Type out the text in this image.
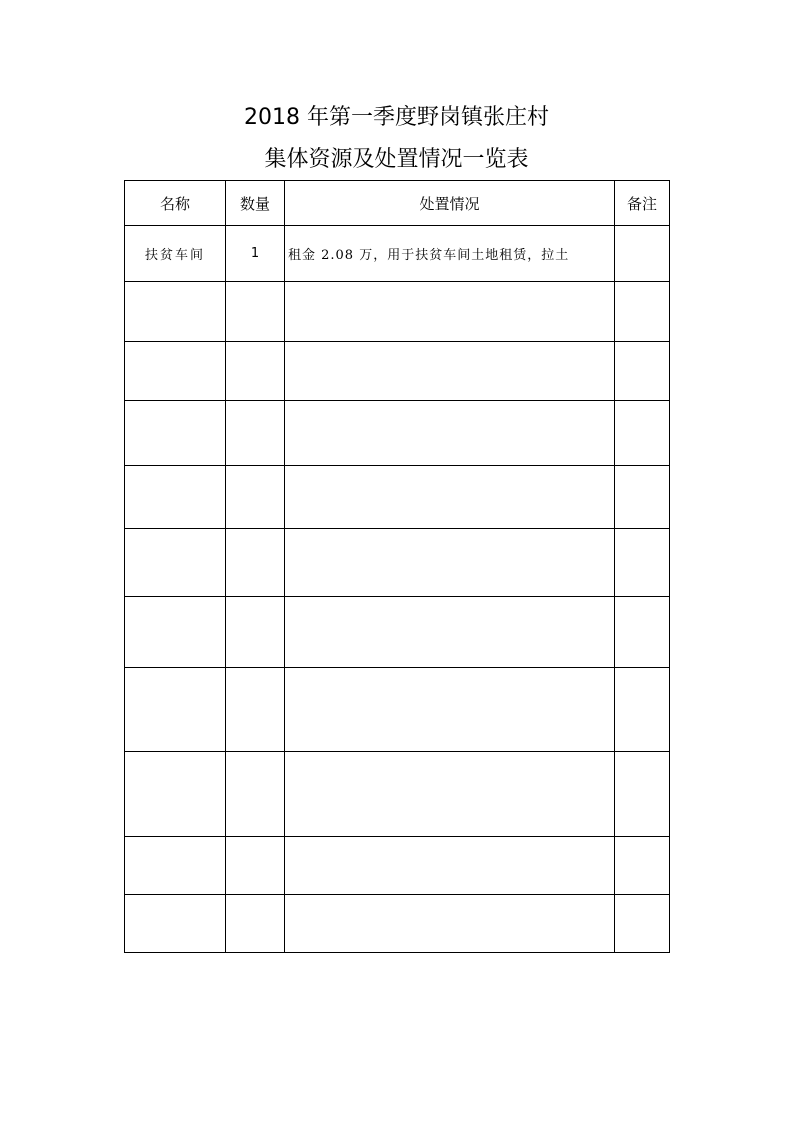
2018 年第一季度野岗镇张庄村
集体资源及处置情况一览表
名称	数量	处置情况	备注
扶贫车间	1	租金 2.08 万，用于扶贫车间土地租赁，拉土	
